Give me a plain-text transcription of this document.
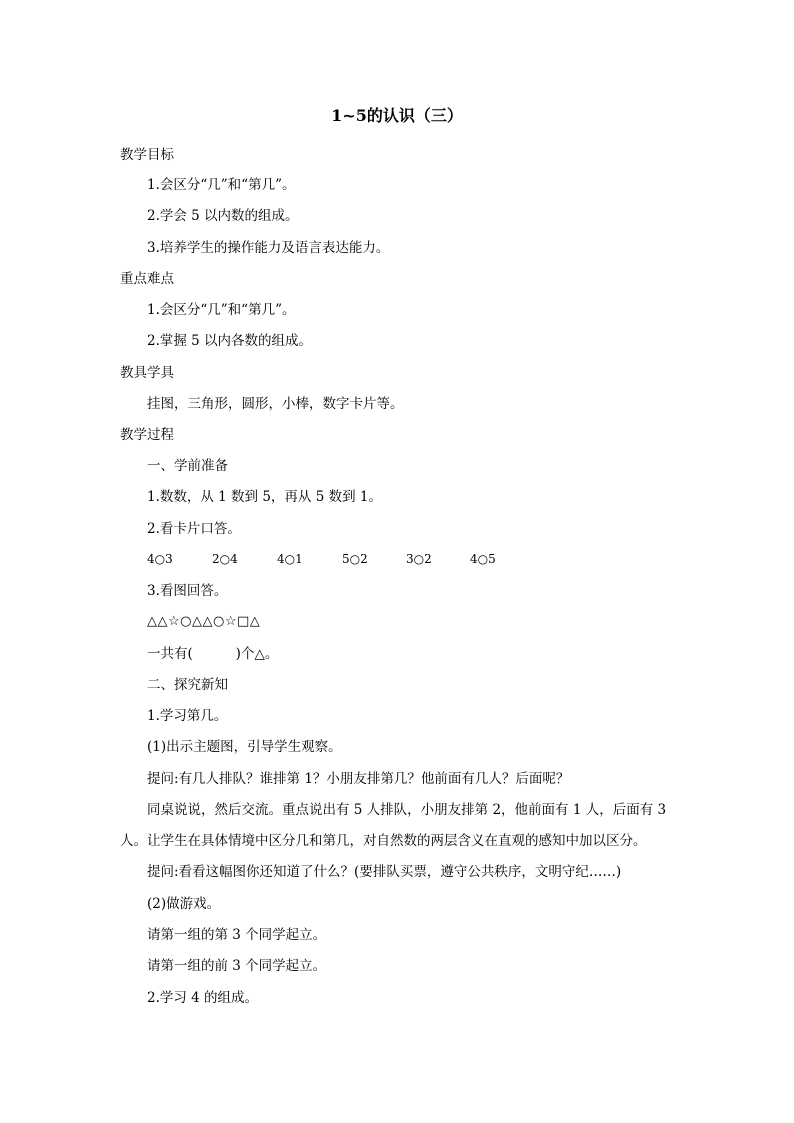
1~5的认识（三）
教学目标
1.会区分“几”和“第几”。
2.学会 5 以内数的组成。
3.培养学生的操作能力及语言表达能力。
重点难点
1.会区分“几”和“第几”。
2.掌握 5 以内各数的组成。
教具学具
挂图，三角形，圆形，小棒，数字卡片等。
教学过程
一、学前准备
1.数数，从 1 数到 5，再从 5 数到 1。
2.看卡片口答。
4○3	2○4	4○1	5○2	3○2	4○5
3.看图回答。
△△☆○△△○☆□△
一共有(          )个△。
二、探究新知
1.学习第几。
(1)出示主题图，引导学生观察。
提问:有几人排队？谁排第 1？小朋友排第几？他前面有几人？后面呢？
同桌说说，然后交流。重点说出有 5 人排队，小朋友排第 2，他前面有 1 人，后面有 3
人。让学生在具体情境中区分几和第几，对自然数的两层含义在直观的感知中加以区分。
提问:看看这幅图你还知道了什么？(要排队买票，遵守公共秩序，文明守纪……)
(2)做游戏。
请第一组的第 3 个同学起立。
请第一组的前 3 个同学起立。
2.学习 4 的组成。
